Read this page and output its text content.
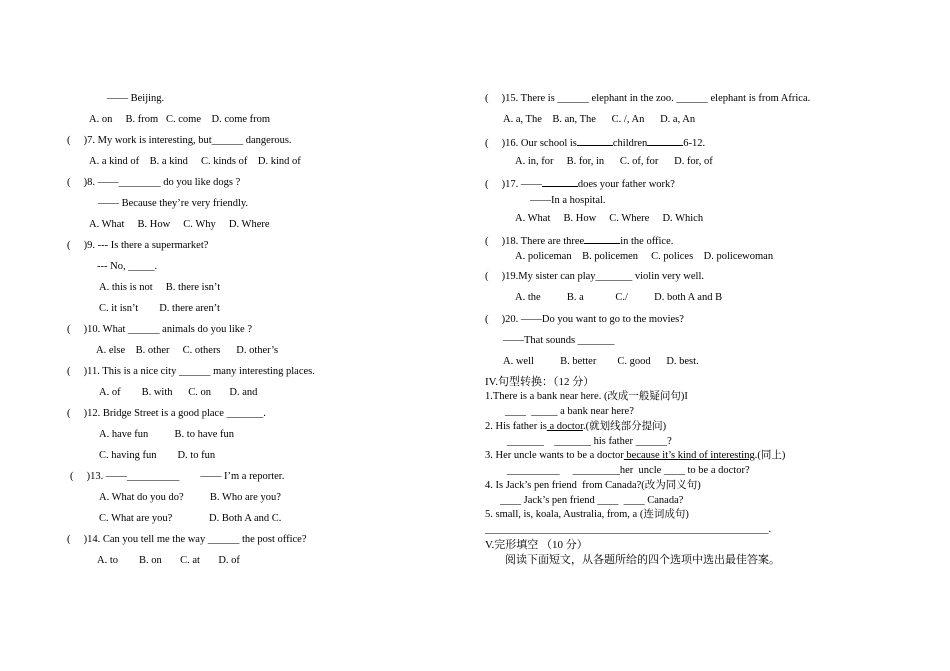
—— Beijing.
A. on     B. from   C. come    D. come from
(     )7. My work is interesting, but______ dangerous.
A. a kind of    B. a kind     C. kinds of    D. kind of
(     )8. ——________ do you like dogs ?
—— Because they’re very friendly.
A. What     B. How     C. Why     D. Where
(     )9. --- Is there a supermarket?
--- No, _____.
A. this is not     B. there isn’t
C. it isn’t        D. there aren’t
(     )10. What ______ animals do you like ?
A. else    B. other     C. others      D. other’s
(     )11. This is a nice city ______ many interesting places.
A. of        B. with      C. on       D. and
(     )12. Bridge Street is a good place _______.
A. have fun          B. to have fun
C. having fun        D. to fun
(     )13. ——__________        —— I’m a reporter.
A. What do you do?          B. Who are you?
C. What are you?              D. Both A and C.
(     )14. Can you tell me the way ______ the post office?
A. to        B. on       C. at       D. of
(     )15. There is ______ elephant in the zoo. ______ elephant is from Africa.
A. a, The    B. an, The      C. /, An      D. a, An
(     )16. Our school is	children	6-12.
A. in, for     B. for, in      C. of, for      D. for, of
(     )17. ——	does your father work?
——In a hospital.
A. What     B. How     C. Where     D. Which
(     )18. There are three	in the office.
A. policeman    B. policemen     C. polices    D. policewoman
(     )19.My sister can play_______ violin very well.
A. the          B. a            C./          D. both A and B
(     )20. ——Do you want to go to the movies?
——That sounds _______
A. well          B. better        C. good      D. best.
IV.句型转换：（12 分）
1.There is a bank near here. (改成一般疑问句)I
____  _____ a bank near here?
2. His father is a doctor.(就划线部分提问)
_______    _______ his father ______?
3. Her uncle wants to be a doctor because it’s kind of interesting.(同上)
__________     _________her  uncle ____ to be a doctor?
4. Is Jack’s pen friend  from Canada?(改为同义句)
____ Jack’s pen friend ____  ____ Canada?
5. small, is, koala, Australia, from, a (连词成句)
______________________________________________________.
V.完形填空 （10 分）
阅读下面短文，从各题所给的四个选项中选出最佳答案。
